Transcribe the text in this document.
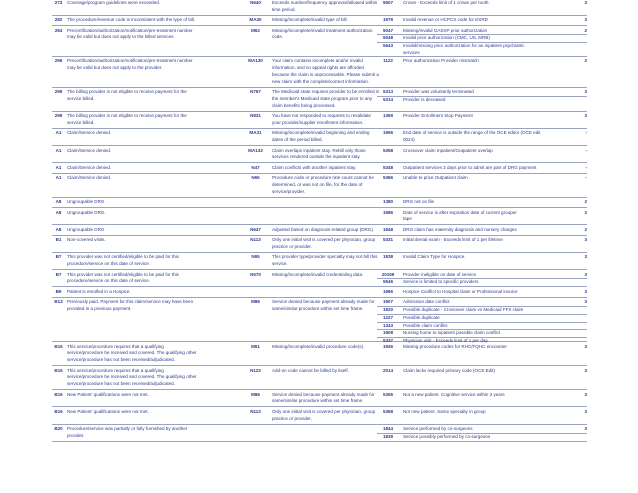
273	Coverage/program guidelines were exceeded.	N640	Exceeds number/frequency approved/allowed within
time period.
5507	Crown - Exceeds limit of 1 crown per tooth.	3
282	The procedure/revenue code is inconsistent with the type of bill.	MA30	Missing/incomplete/invalid type of bill.	1979	Invalid revenue or HCPCS code for ESRD	3
284	Precertification/authorization/notification/pre-treatment number
may be valid but does not apply to the billed services.
M62	Missing/incomplete/invalid treatment authorization
code.
5047	Missing/invalid GASSP prior authorization	2
5048	Invalid prior authorization (CMC, US, MRB)
5543	Invalid/missing prior authorization for an inpatient psychiatric
services
296	Precertification/authorization/notification/pre-treatment number
may be valid but does not apply to the provider.
MA130	Your claim contains incomplete and/or invalid
information, and no appeal rights are afforded
because the claim is unprocessable. Please submit a
new claim with the complete/correct information.
1122	Prior authorization Provider mismatch	2
299	The billing provider is not eligible to receive payment for the
service billed.
N767	The Medicaid state requires provider to be enrolled in
the member's Medicaid state program prior to any
claim benefits being processed.
5313	Provider was voluntarily terminated	3
5314	Provider is deceased
299	The billing provider is not eligible to receive payment for the
service billed.
N831	You have not responded to requests to revalidate
your provider/supplier enrollment information.
1369	Provider Enrollment Stop Payment	3
A1	Claim/Service denied.	MA31	Missing/incomplete/invalid beginning and ending
dates of the period billed.
1956	End date of service is outside the range of the OCE editor (OCE edit
0024)
-
A1	Claim/Service denied.	MA133	Claim overlaps inpatient stay. Rebill only those
services rendered outside the inpatient stay.
5358	Crossover claim Inpatient/Outpatient overlap	-
A1	Claim/Service denied.	N47	Claim conflicts with another inpatient stay.	5348	Outpatient services 3 days prior to admit are part of DRG payment	-
A1	Claim/Service denied.	N65	Procedure code or procedure rate count cannot be
determined, or was not on file, for the date of
service/provider.
5366	Unable to price Outpatient claim	-
A8	Ungroupable DRG	1380	DRG not on file	2
A8	Ungroupable DRG.	1986	Date of service is after expiration date of current grouper
tape
2
A8	Ungroupable DRG	N647	Adjusted based on diagnosis-related group (DRG).	1848	DRG claim has maternity diagnosis and nursery charges	2
B1	Non-covered visits.	N113	Only one initial visit is covered per physician, group
practice or provider.
5331	Initial dental exam - Exceeds limit of 1 per lifetime	3
B7	This provider was not certified/eligible to be paid for this
procedure/service on this date of service.
N95	This provider type/provider specialty may not bill this
service.
1838	Invalid Claim Type for Hospice.	3
B7	This provider was not certified/eligible to be paid for this
procedure/service on this date of service.
N570	Missing/incomplete/invalid credentialing data.	20159	Provider ineligible on date of service	3
5546	Service is limited to specific providers
B9	Patient is enrolled in a Hospice.	1966	Hospice Conflict to Hospital claim or Professional invoice	3
B13 Previously paid. Payment for this claim/service may have been
provided in a previous payment.
M86	Service denied because payment already made for
same/similar procedure within set time frame.
1907	Admission date conflict	3
1920	Possible duplicate - Crossover claim vs Medicaid FFS claim
1227	Possible duplicate
1343	Possible claim conflict
1908	Nursing home to inpatient possible claim conflict
5337	Physician visit - Exceeds limit of 1 per day
B15 This service/procedure requires that a qualifying
service/procedure be received and covered. The qualifying other
service/procedure has not been received/adjudicated.
M51	Missing/incomplete/invalid procedure code(s).	1945	Missing procedure codes for RHC/FQHC encounter	3
B15 This service/procedure requires that a qualifying
service/procedure be received and covered. The qualifying other
service/procedure has not been received/adjudicated.
N122	Add-on code cannot be billed by itself.	2014	Claim lacks required primary code (OCE Edit)	3
B16 New Patient' qualifications were not met.	M86	Service denied because payment already made for
same/similar procedure within set time frame.
5355	Not a new patient. Cognitive service within 3 years	3
B16 New Patient' qualifications were not met.	N113	Only one initial visit is covered per physician, group
practice or provider.
5368	Not new patient. Same specialty in group	3
B20 Procedure/service was partially or fully furnished by another
provider.
1844	Service performed by co-surgeons	3
1839	Service possibly performed by co-surgeons
